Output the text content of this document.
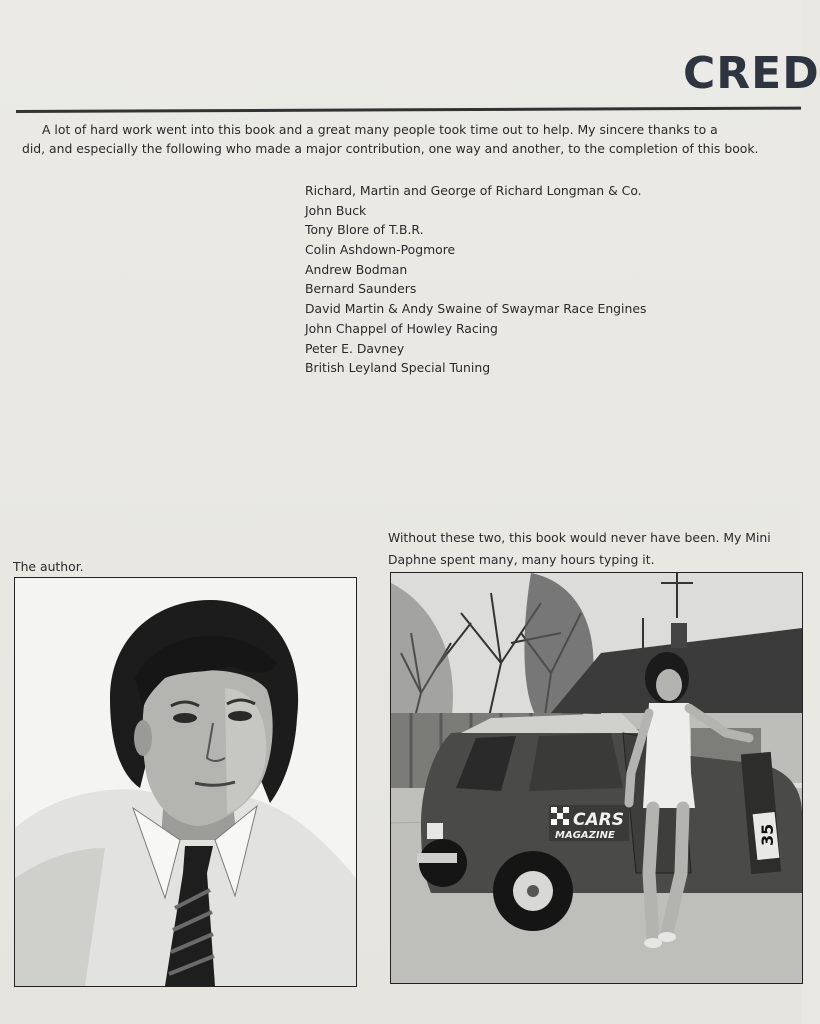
CRED
A lot of hard work went into this book and a great many people took time out to help. My sincere thanks to a
did, and especially the following who made a major contribution, one way and another, to the completion of this book.
Richard, Martin and George of Richard Longman & Co.
John Buck
Tony Blore of T.B.R.
Colin Ashdown-Pogmore
Andrew Bodman
Bernard Saunders
David Martin & Andy Swaine of Swaymar Race Engines
John Chappel of Howley Racing
Peter E. Davney
British Leyland Special Tuning
Without these two, this book would never have been. My Mini
Daphne spent many, many hours typing it.
The author.
CARS
MAGAZINE	35
